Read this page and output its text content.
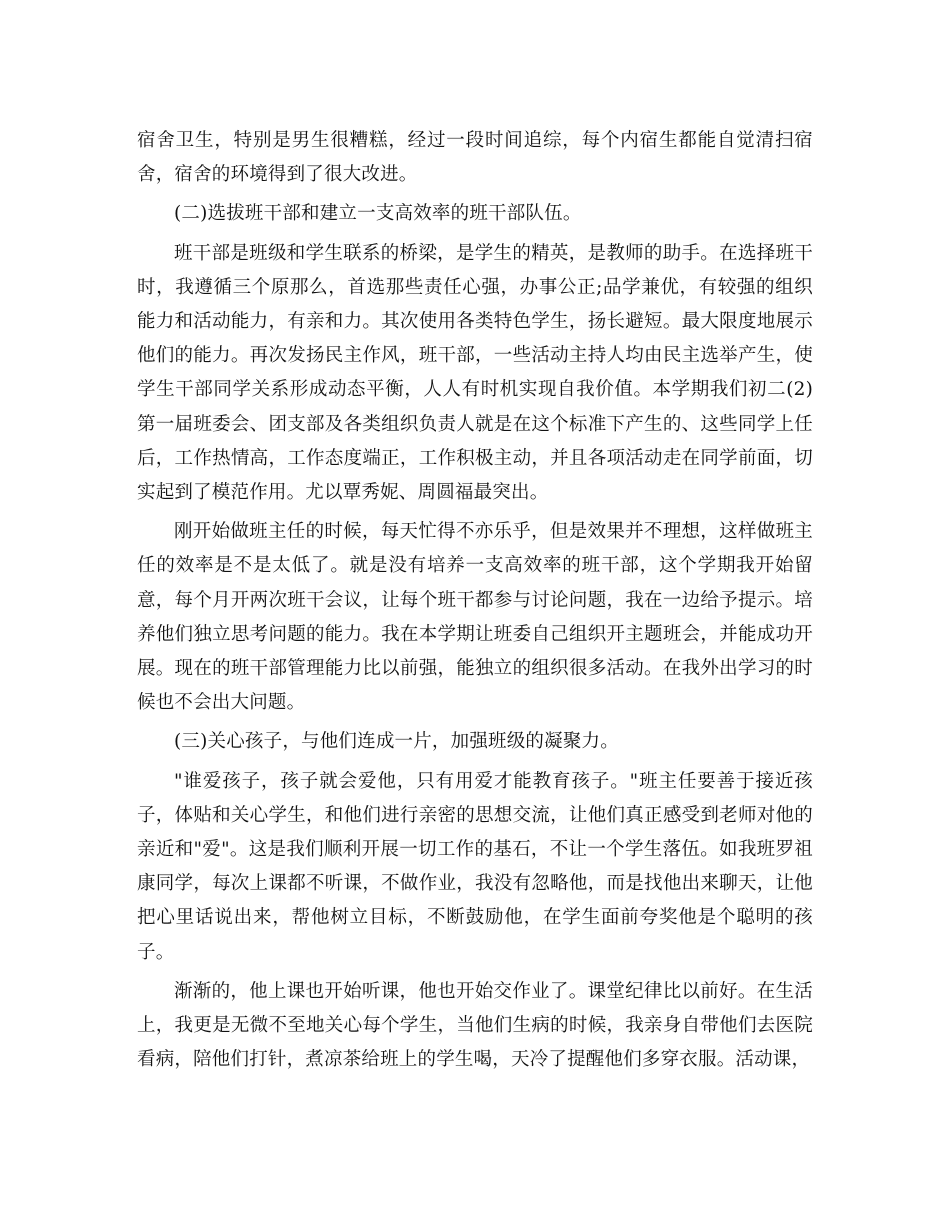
宿舍卫生，特别是男生很糟糕，经过一段时间追综，每个内宿生都能自觉清扫宿舍，宿舍的环境得到了很大改进。

(二)选拔班干部和建立一支高效率的班干部队伍。

班干部是班级和学生联系的桥梁，是学生的精英，是教师的助手。在选择班干时，我遵循三个原那么，首选那些责任心强，办事公正;品学兼优，有较强的组织能力和活动能力，有亲和力。其次使用各类特色学生，扬长避短。最大限度地展示他们的能力。再次发扬民主作风，班干部，一些活动主持人均由民主选举产生，使学生干部同学关系形成动态平衡，人人有时机实现自我价值。本学期我们初二(2)第一届班委会、团支部及各类组织负责人就是在这个标准下产生的、这些同学上任后，工作热情高，工作态度端正，工作积极主动，并且各项活动走在同学前面，切实起到了模范作用。尤以覃秀妮、周圆福最突出。

刚开始做班主任的时候，每天忙得不亦乐乎，但是效果并不理想，这样做班主任的效率是不是太低了。就是没有培养一支高效率的班干部，这个学期我开始留意，每个月开两次班干会议，让每个班干都参与讨论问题，我在一边给予提示。培养他们独立思考问题的能力。我在本学期让班委自己组织开主题班会，并能成功开展。现在的班干部管理能力比以前强，能独立的组织很多活动。在我外出学习的时候也不会出大问题。

(三)关心孩子，与他们连成一片，加强班级的凝聚力。

"谁爱孩子，孩子就会爱他，只有用爱才能教育孩子。"班主任要善于接近孩子，体贴和关心学生，和他们进行亲密的思想交流，让他们真正感受到老师对他的亲近和"爱"。这是我们顺利开展一切工作的基石，不让一个学生落伍。如我班罗祖康同学，每次上课都不听课，不做作业，我没有忽略他，而是找他出来聊天，让他把心里话说出来，帮他树立目标，不断鼓励他，在学生面前夸奖他是个聪明的孩子。

渐渐的，他上课也开始听课，他也开始交作业了。课堂纪律比以前好。在生活上，我更是无微不至地关心每个学生，当他们生病的时候，我亲身自带他们去医院看病，陪他们打针，煮凉茶给班上的学生喝，天冷了提醒他们多穿衣服。活动课，
